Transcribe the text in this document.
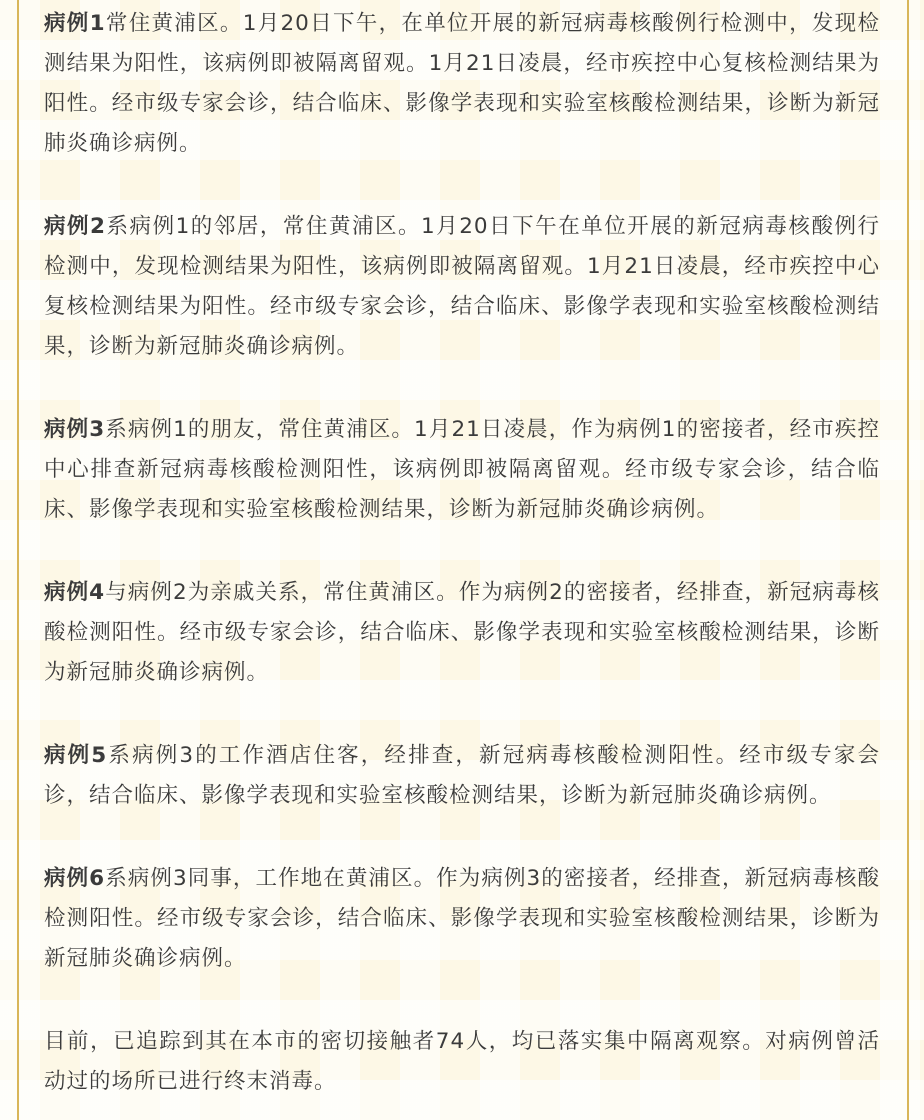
病例1常住黄浦区。1月20日下午，在单位开展的新冠病毒核酸例行检测中，发现检测结果为阳性，该病例即被隔离留观。1月21日凌晨，经市疾控中心复核检测结果为阳性。经市级专家会诊，结合临床、影像学表现和实验室核酸检测结果，诊断为新冠肺炎确诊病例。

病例2系病例1的邻居，常住黄浦区。1月20日下午在单位开展的新冠病毒核酸例行检测中，发现检测结果为阳性，该病例即被隔离留观。1月21日凌晨，经市疾控中心复核检测结果为阳性。经市级专家会诊，结合临床、影像学表现和实验室核酸检测结果，诊断为新冠肺炎确诊病例。

病例3系病例1的朋友，常住黄浦区。1月21日凌晨，作为病例1的密接者，经市疾控中心排查新冠病毒核酸检测阳性，该病例即被隔离留观。经市级专家会诊，结合临床、影像学表现和实验室核酸检测结果，诊断为新冠肺炎确诊病例。

病例4与病例2为亲戚关系，常住黄浦区。作为病例2的密接者，经排查，新冠病毒核酸检测阳性。经市级专家会诊，结合临床、影像学表现和实验室核酸检测结果，诊断为新冠肺炎确诊病例。

病例5系病例3的工作酒店住客，经排查，新冠病毒核酸检测阳性。经市级专家会诊，结合临床、影像学表现和实验室核酸检测结果，诊断为新冠肺炎确诊病例。

病例6系病例3同事，工作地在黄浦区。作为病例3的密接者，经排查，新冠病毒核酸检测阳性。经市级专家会诊，结合临床、影像学表现和实验室核酸检测结果，诊断为新冠肺炎确诊病例。

目前，已追踪到其在本市的密切接触者74人，均已落实集中隔离观察。对病例曾活动过的场所已进行终末消毒。
